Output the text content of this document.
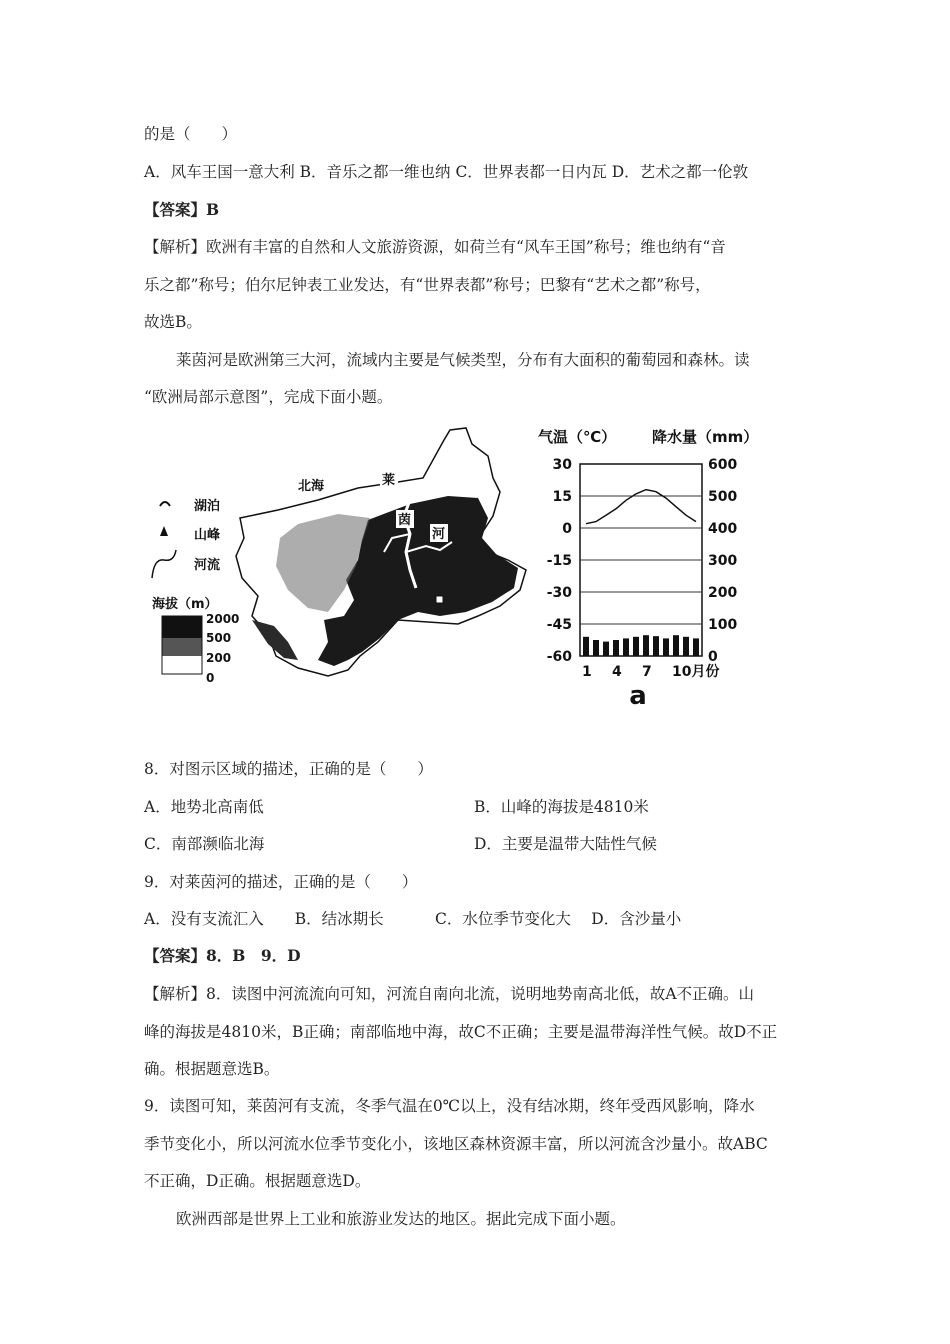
的是（　　）
A．风车王国一意大利 B．音乐之都一维也纳 C．世界表都一日内瓦 D．艺术之都一伦敦
【答案】B
【解析】欧洲有丰富的自然和人文旅游资源，如荷兰有“风车王国”称号；维也纳有“音
乐之都”称号；伯尔尼钟表工业发达，有“世界表都”称号；巴黎有“艺术之都”称号，
故选B。
莱茵河是欧洲第三大河，流域内主要是气候类型，分布有大面积的葡萄园和森林。读
“欧洲局部示意图”，完成下面小题。
北海	莱
茵
河
湖泊
山峰
河流
海拔（m）
2000
500
200
0
气温（℃） 降水量（mm）
30
15
0
-15
-30
-45
-60
600
500
400
300
200
100
0
1 4 7 10月份
a
8．对图示区域的描述，正确的是（　　）
A．地势北高南低	B．山峰的海拔是4810米
C．南部濒临北海	D．主要是温带大陆性气候
9．对莱茵河的描述，正确的是（　　）
A．没有支流汇入　　B．结冰期长　　　 C．水位季节变化大　 D．含沙量小
【答案】8．B　9．D
【解析】8．读图中河流流向可知，河流自南向北流，说明地势南高北低，故A不正确。山
峰的海拔是4810米，B正确；南部临地中海，故C不正确；主要是温带海洋性气候。故D不正
确。根据题意选B。
9．读图可知，莱茵河有支流，冬季气温在0℃以上，没有结冰期，终年受西风影响，降水
季节变化小，所以河流水位季节变化小，该地区森林资源丰富，所以河流含沙量小。故ABC
不正确，D正确。根据题意选D。
欧洲西部是世界上工业和旅游业发达的地区。据此完成下面小题。
